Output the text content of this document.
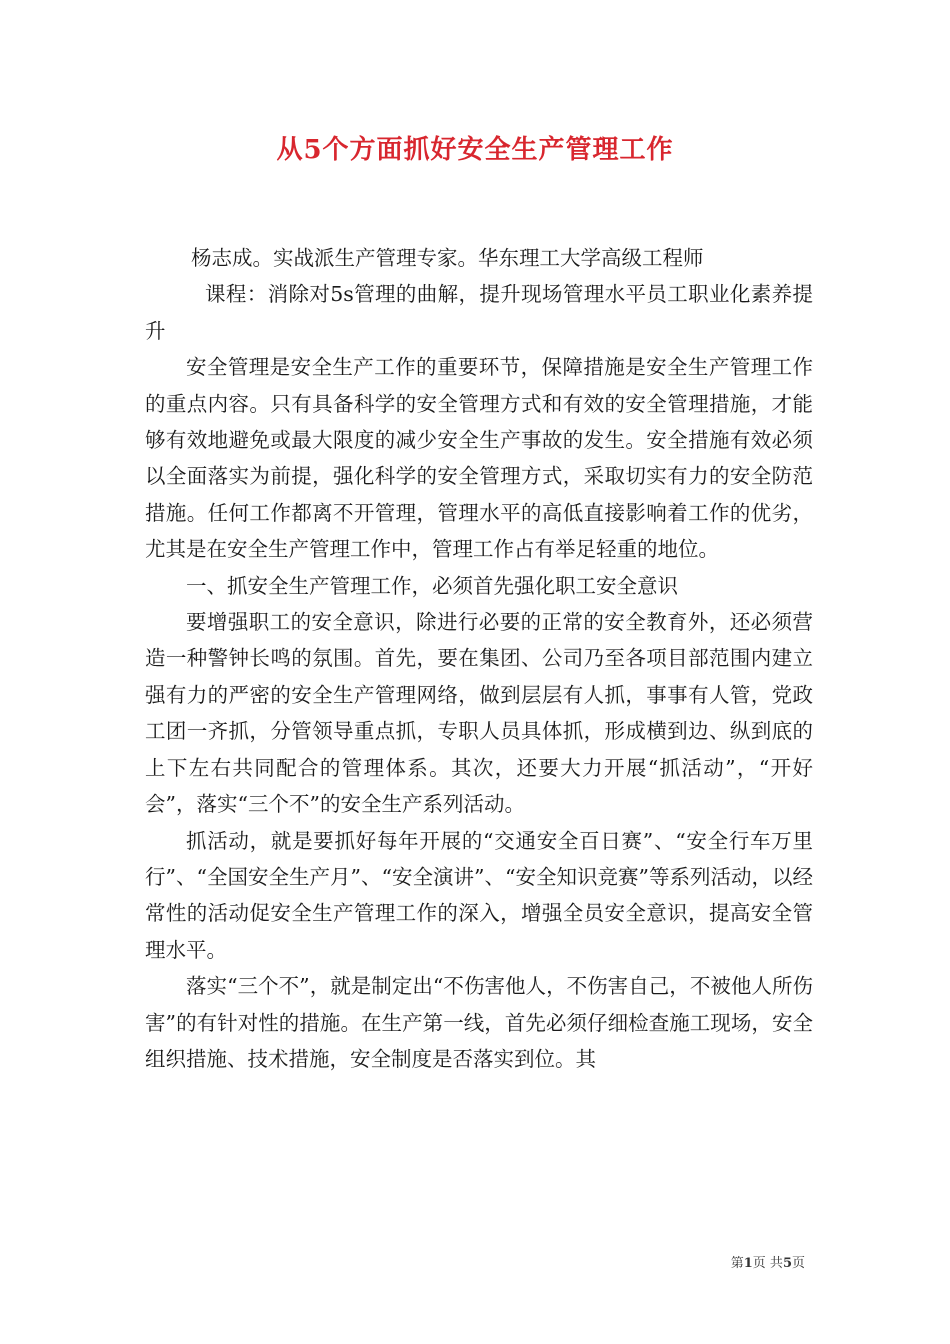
从5个方面抓好安全生产管理工作

杨志成。实战派生产管理专家。华东理工大学高级工程师

课程：消除对5s管理的曲解，提升现场管理水平员工职业化素养提升

安全管理是安全生产工作的重要环节，保障措施是安全生产管理工作的重点内容。只有具备科学的安全管理方式和有效的安全管理措施，才能够有效地避免或最大限度的减少安全生产事故的发生。安全措施有效必须以全面落实为前提，强化科学的安全管理方式，采取切实有力的安全防范措施。任何工作都离不开管理，管理水平的高低直接影响着工作的优劣，尤其是在安全生产管理工作中，管理工作占有举足轻重的地位。

一、抓安全生产管理工作，必须首先强化职工安全意识

要增强职工的安全意识，除进行必要的正常的安全教育外，还必须营造一种警钟长鸣的氛围。首先，要在集团、公司乃至各项目部范围内建立强有力的严密的安全生产管理网络，做到层层有人抓，事事有人管，党政工团一齐抓，分管领导重点抓，专职人员具体抓，形成横到边、纵到底的上下左右共同配合的管理体系。其次，还要大力开展“抓活动”，“开好会”，落实“三个不”的安全生产系列活动。

抓活动，就是要抓好每年开展的“交通安全百日赛”、“安全行车万里行”、“全国安全生产月”、“安全演讲”、“安全知识竞赛”等系列活动，以经常性的活动促安全生产管理工作的深入，增强全员安全意识，提高安全管理水平。

落实“三个不”，就是制定出“不伤害他人，不伤害自己，不被他人所伤害”的有针对性的措施。在生产第一线，首先必须仔细检查施工现场，安全组织措施、技术措施，安全制度是否落实到位。其

第1页 共5页
